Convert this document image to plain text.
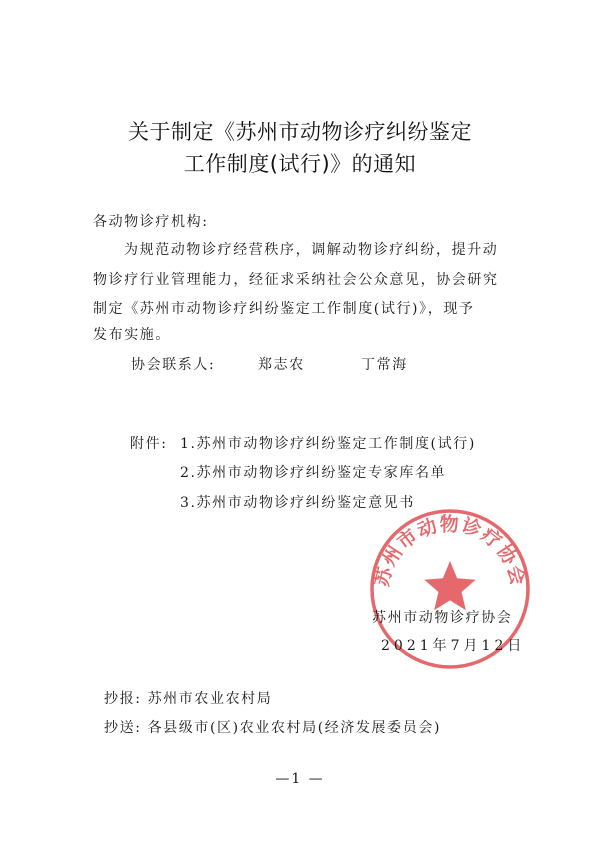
关于制定《苏州市动物诊疗纠纷鉴定
工作制度(试行)》的通知
各动物诊疗机构:
为规范动物诊疗经营秩序，调解动物诊疗纠纷，提升动
物诊疗行业管理能力，经征求采纳社会公众意见，协会研究
制定《苏州市动物诊疗纠纷鉴定工作制度(试行)》，现予
发布实施。
协会联系人:	郑志农	丁常海
附件: 1.苏州市动物诊疗纠纷鉴定工作制度(试行)
2.苏州市动物诊疗纠纷鉴定专家库名单
3.苏州市动物诊疗纠纷鉴定意见书
苏州市动物诊疗协会
苏州市动物诊疗协会
2021年7月12日
抄报: 苏州市农业农村局
抄送: 各县级市(区)农业农村局(经济发展委员会)
—1 —
